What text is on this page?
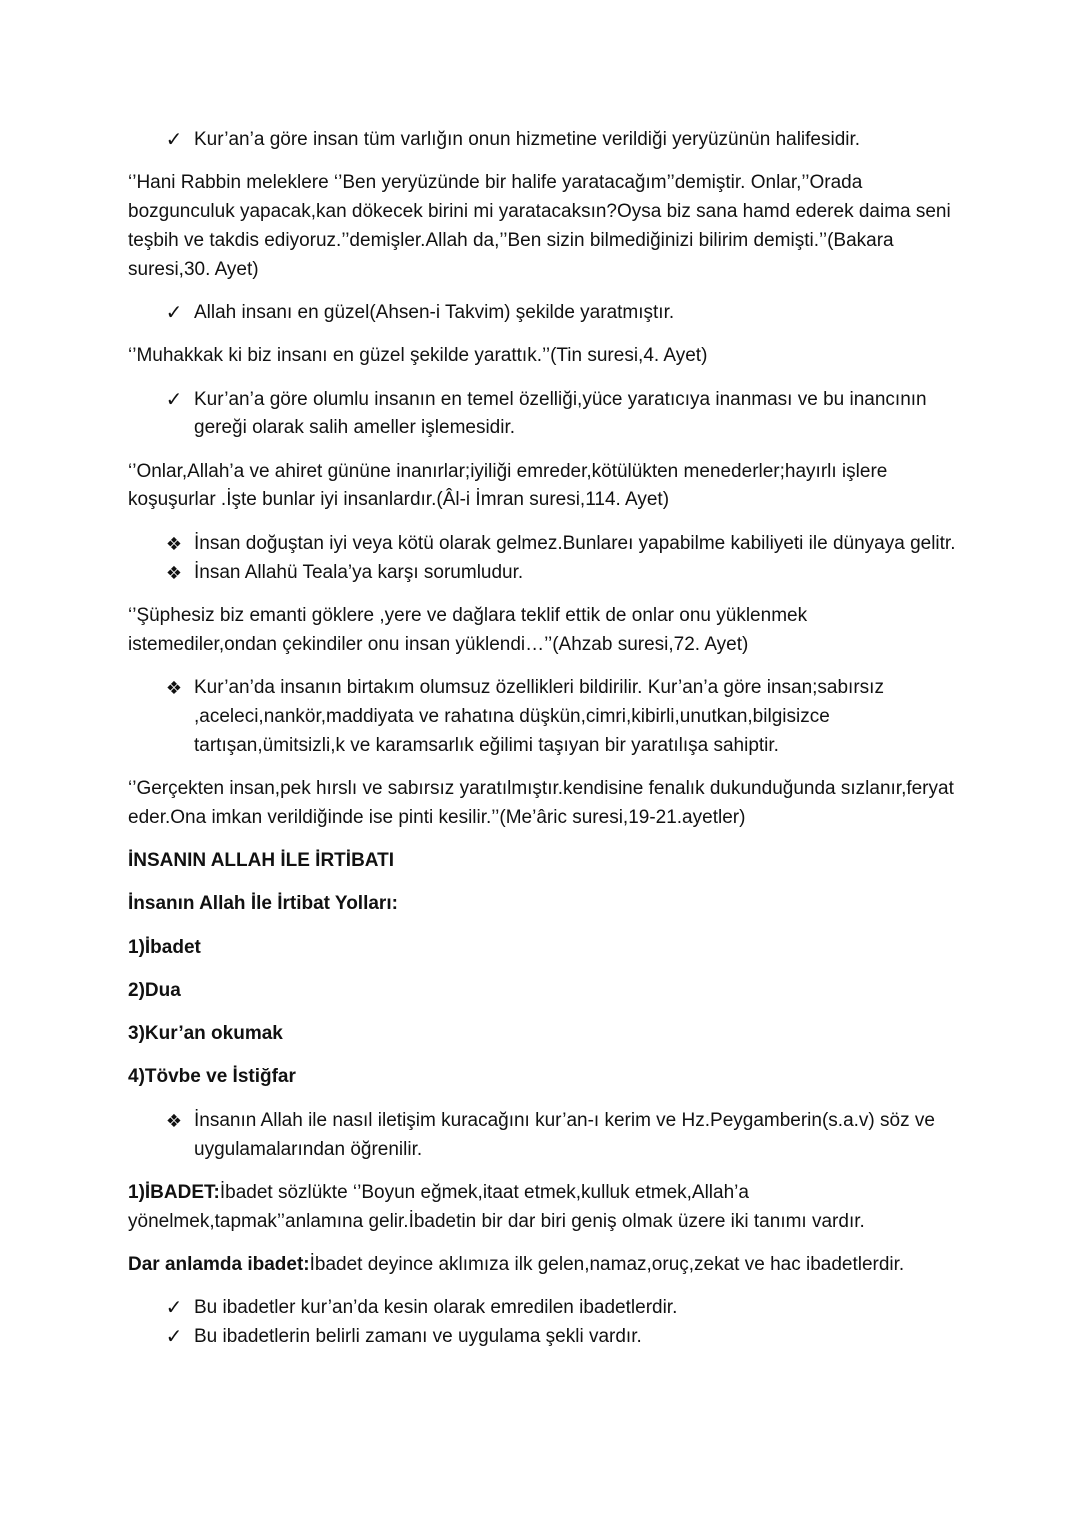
✓ Kur’an’a göre insan tüm varlığın onun hizmetine verildiği yeryüzünün halifesidir.

‘’Hani Rabbin meleklere ‘’Ben yeryüzünde bir halife yaratacağım’’demiştir. Onlar,’’Orada bozgunculuk yapacak,kan dökecek birini mi yaratacaksın?Oysa biz sana hamd ederek daima seni teşbih ve takdis ediyoruz.’’demişler.Allah da,’’Ben sizin bilmediğinizi bilirim demişti.’’(Bakara suresi,30. Ayet)

✓ Allah insanı en güzel(Ahsen-i Takvim) şekilde yaratmıştır.

‘’Muhakkak ki biz insanı en güzel şekilde yarattık.’’(Tin suresi,4. Ayet)

✓ Kur’an’a göre olumlu insanın en temel özelliği,yüce yaratıcıya inanması ve bu inancının gereği olarak salih ameller işlemesidir.

‘’Onlar,Allah’a ve ahiret gününe inanırlar;iyiliği emreder,kötülükten menederler;hayırlı işlere koşuşurlar .İşte bunlar iyi insanlardır.(Âl-i İmran suresi,114. Ayet)

❖ İnsan doğuştan iyi veya kötü olarak gelmez.Bunlarеı yapabilme kabiliyeti ile dünyaya gelitr.
❖ İnsan Allahü Teala’ya karşı sorumludur.

‘’Şüphesiz biz emanti göklere ,yere ve dağlara teklif ettik de onlar onu yüklenmek istemediler,ondan çekindiler onu insan yüklendi…’’(Ahzab suresi,72. Ayet)

❖ Kur’an’da insanın birtakım olumsuz özellikleri bildirilir. Kur’an’a göre insan;sabırsız ,aceleci,nankör,maddiyata ve rahatına düşkün,cimri,kibirli,unutkan,bilgisizce tartışan,ümitsizli,k ve karamsarlık eğilimi taşıyan bir yaratılışa sahiptir.

‘’Gerçekten insan,pek hırslı ve sabırsız yaratılmıştır.kendisine fenalık dukunduğunda sızlanır,feryat eder.Ona imkan verildiğinde ise pinti kesilir.’’(Me’âric suresi,19-21.ayetler)

İNSANIN ALLAH İLE İRTİBATI

İnsanın Allah İle İrtibat Yolları:

1)İbadet

2)Dua

3)Kur’an okumak

4)Tövbe ve İstiğfar

❖ İnsanın Allah ile nasıl iletişim kuracağını kur’an-ı kerim ve Hz.Peygamberin(s.a.v) söz ve uygulamalarından öğrenilir.

1)İBADET:İbadet sözlükte ‘’Boyun eğmek,itaat etmek,kulluk etmek,Allah’a yönelmek,tapmak’’anlamına gelir.İbadetin bir dar biri geniş olmak üzere iki tanımı vardır.

Dar anlamda ibadet:İbadet deyince aklımıza ilk gelen,namaz,oruç,zekat ve hac ibadetlerdir.

✓ Bu ibadetler kur’an’da kesin olarak emredilen ibadetlerdir.
✓ Bu ibadetlerin belirli zamanı ve uygulama şekli vardır.
